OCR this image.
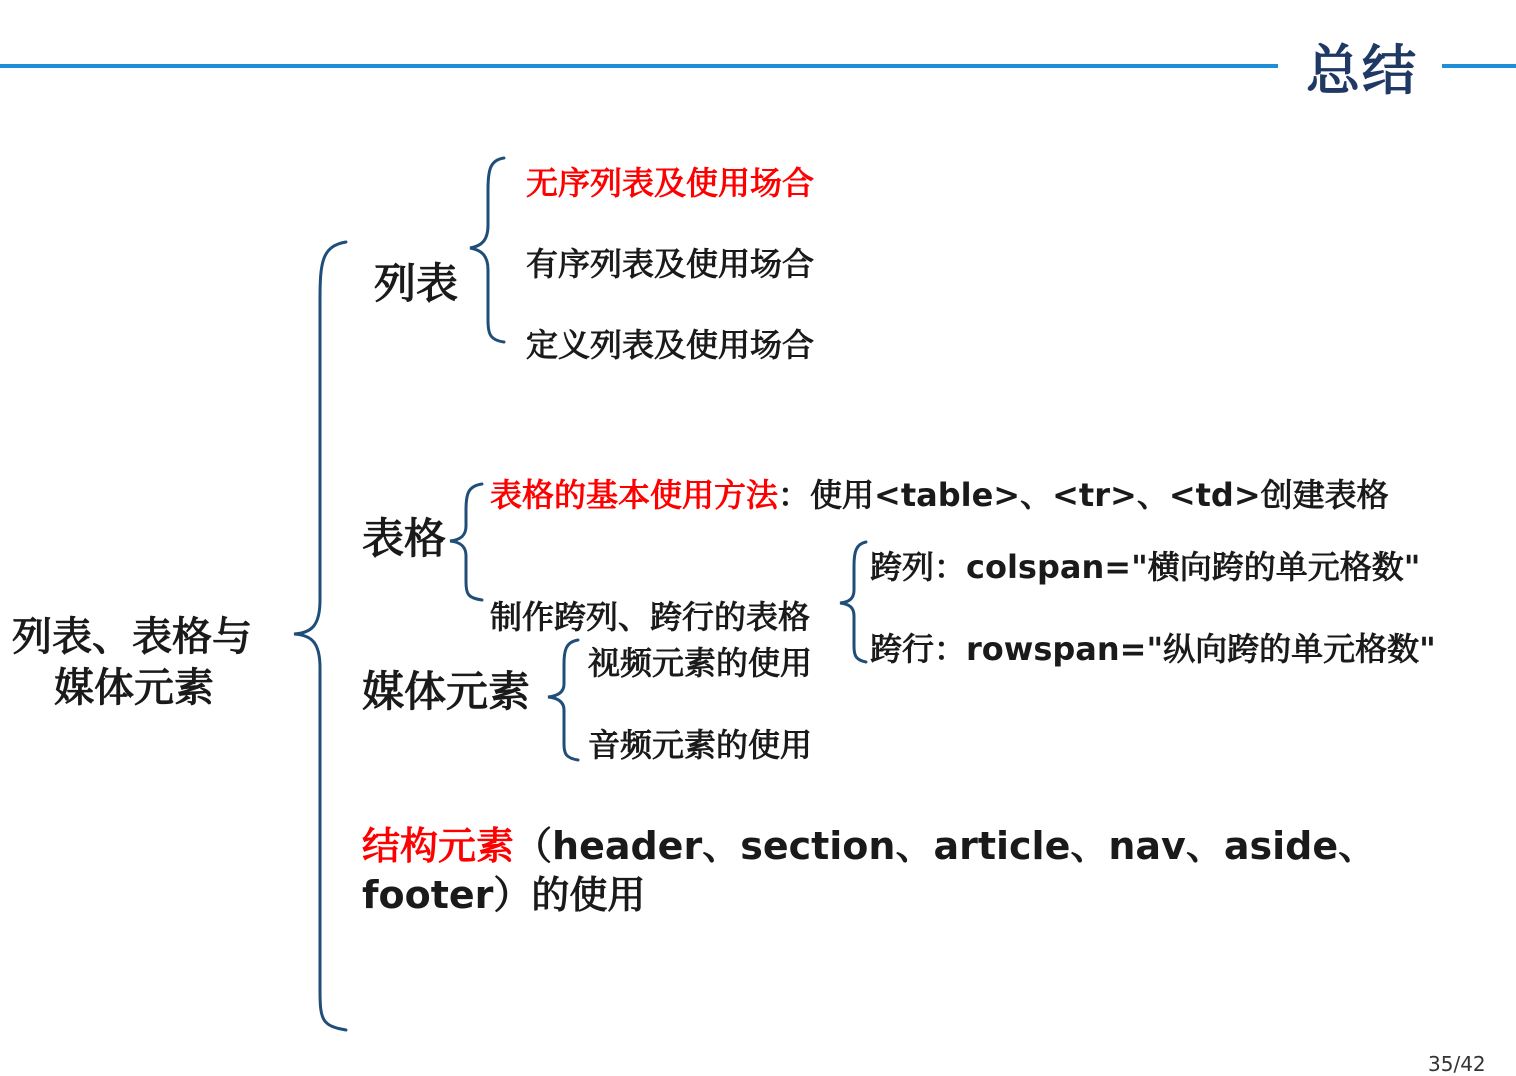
总结
列表、表格与
媒体元素
列表
无序列表及使用场合
有序列表及使用场合
定义列表及使用场合
表格
表格的基本使用方法：使用<table>、<tr>、<td>创建表格
制作跨列、跨行的表格
跨列：colspan="横向跨的单元格数"
跨行：rowspan="纵向跨的单元格数"
媒体元素
视频元素的使用
音频元素的使用
结构元素（header、section、article、nav、aside、
footer）的使用
35/42
